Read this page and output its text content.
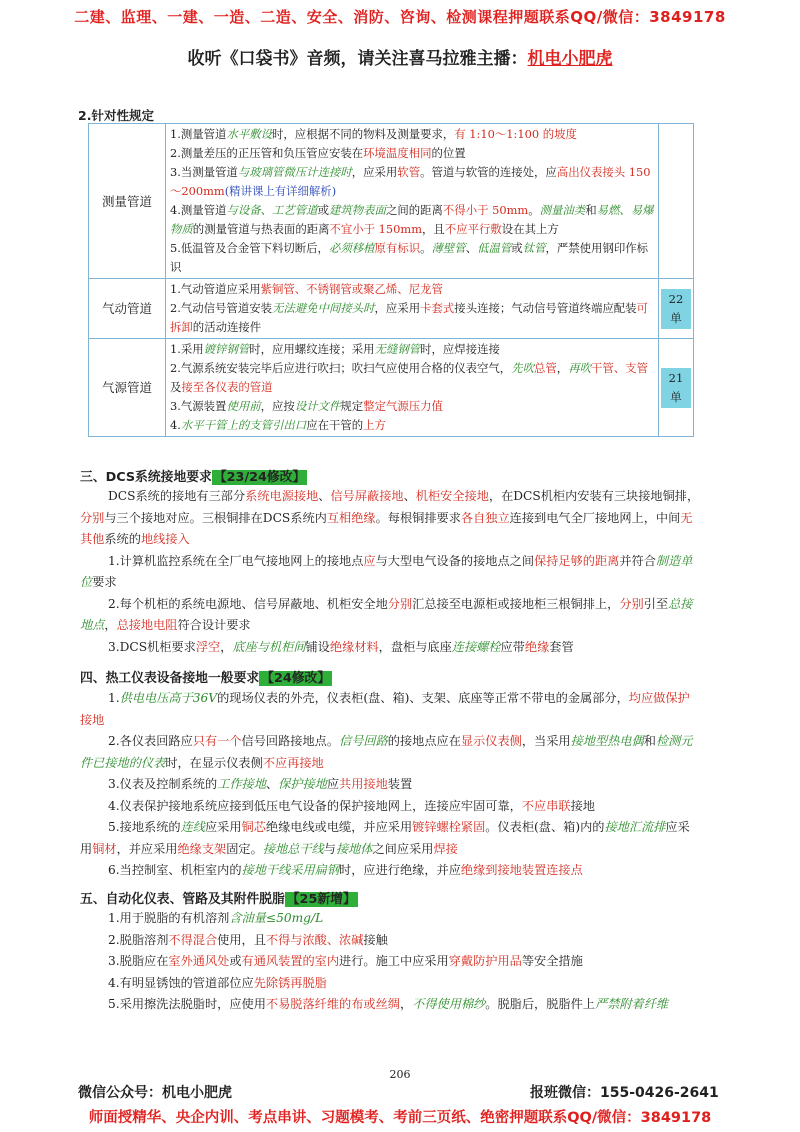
二建、监理、一建、一造、二造、安全、消防、咨询、检测课程押题联系QQ/微信：3849178
收听《口袋书》音频，请关注喜马拉雅主播：机电小肥虎
2.针对性规定
测量管道	1.测量管道水平敷设时，应根据不同的物料及测量要求，有 1:10～1:100 的坡度
2.测量差压的正压管和负压管应安装在环境温度相同的位置
3.当测量管道与玻璃管微压计连接时，应采用软管。管道与软管的连接处，应高出仪表接头 150～200mm(精讲课上有详细解析)
4.测量管道与设备、工艺管道或建筑物表面之间的距离不得小于 50mm。测量油类和易燃、易爆物质的测量管道与热表面的距离不宜小于 150mm，且不应平行敷设在其上方
5.低温管及合金管下料切断后，必须移植原有标识。薄壁管、低温管或钛管，严禁使用钢印作标识	
气动管道	1.气动管道应采用紫铜管、不锈钢管或聚乙烯、尼龙管
2.气动信号管道安装无法避免中间接头时，应采用卡套式接头连接；气动信号管道终端应配装可拆卸的活动连接件	22单
气源管道	1.采用镀锌钢管时，应用螺纹连接；采用无缝钢管时，应焊接连接
2.气源系统安装完毕后应进行吹扫；吹扫气应使用合格的仪表空气，先吹总管，再吹干管、支管及接至各仪表的管道
3.气源装置使用前，应按设计文件规定整定气源压力值
4.水平干管上的支管引出口应在干管的上方	21单
三、DCS系统接地要求 【23/24修改】
DCS系统的接地有三部分系统电源接地、信号屏蔽接地、机柜安全接地，在DCS机柜内安装有三块接地铜排，分别与三个接地对应。三根铜排在DCS系统内互相绝缘。每根铜排要求各自独立连接到电气全厂接地网上，中间无其他系统的地线接入
1.计算机监控系统在全厂电气接地网上的接地点应与大型电气设备的接地点之间保持足够的距离并符合制造单位要求
2.每个机柜的系统电源地、信号屏蔽地、机柜安全地分别汇总接至电源柜或接地柜三根铜排上，分别引至总接地点，总接地电阻符合设计要求
3.DCS机柜要求浮空，底座与机柜间铺设绝缘材料，盘柜与底座连接螺栓应带绝缘套管
四、热工仪表设备接地一般要求 【24修改】
1.供电电压高于36V的现场仪表的外壳，仪表柜(盘、箱)、支架、底座等正常不带电的金属部分，均应做保护接地
2.各仪表回路应只有一个信号回路接地点。信号回路的接地点应在显示仪表侧，当采用接地型热电偶和检测元件已接地的仪表时，在显示仪表侧不应再接地
3.仪表及控制系统的工作接地、保护接地应共用接地装置
4.仪表保护接地系统应接到低压电气设备的保护接地网上，连接应牢固可靠，不应串联接地
5.接地系统的连线应采用铜芯绝缘电线或电缆，并应采用镀锌螺栓紧固。仪表柜(盘、箱)内的接地汇流排应采用铜材，并应采用绝缘支架固定。接地总干线与接地体之间应采用焊接
6.当控制室、机柜室内的接地干线采用扁钢时，应进行绝缘，并应绝缘到接地装置连接点
五、自动化仪表、管路及其附件脱脂 【25新增】
1.用于脱脂的有机溶剂含油量≤50mg/L
2.脱脂溶剂不得混合使用，且不得与浓酸、浓碱接触
3.脱脂应在室外通风处或有通风装置的室内进行。施工中应采用穿戴防护用品等安全措施
4.有明显锈蚀的管道部位应先除锈再脱脂
5.采用擦洗法脱脂时，应使用不易脱落纤维的布或丝绸，不得使用棉纱。脱脂后，脱脂件上严禁附着纤维
206
微信公众号：机电小肥虎	报班微信：155-0426-2641
师面授精华、央企内训、考点串讲、习题模考、考前三页纸、绝密押题联系QQ/微信：3849178
